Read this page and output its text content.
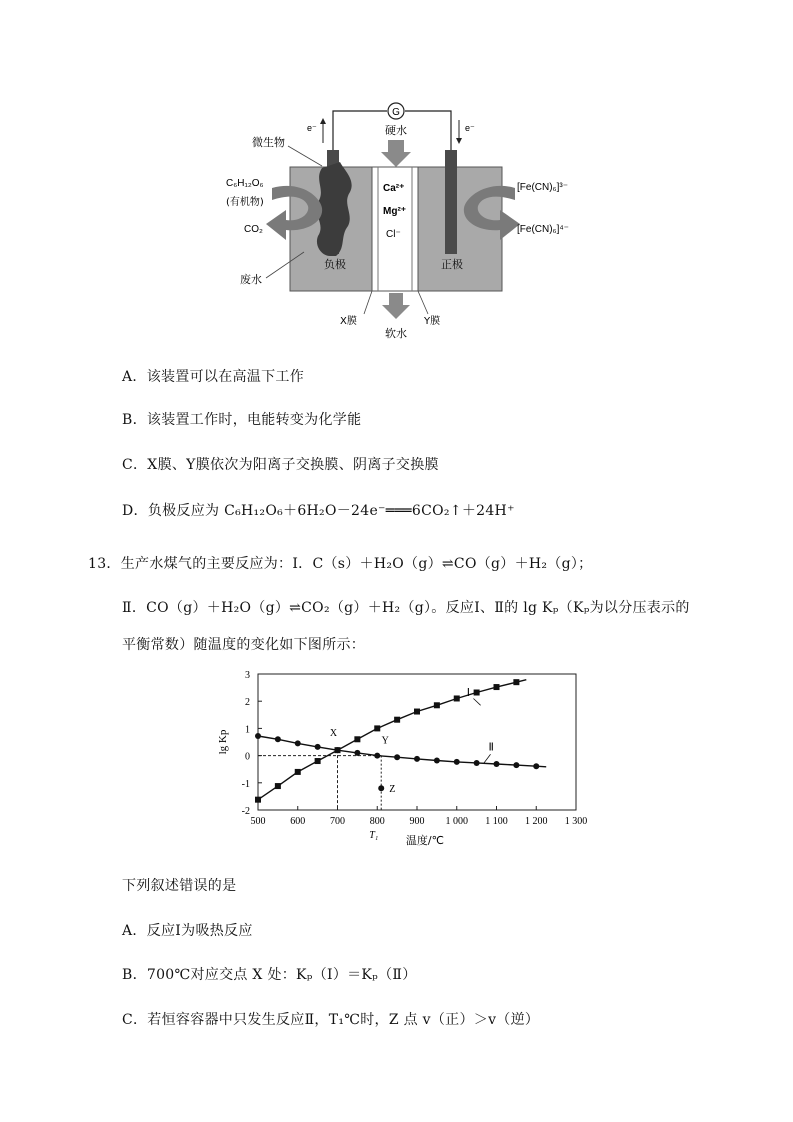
G
e⁻	e⁻
硬水
软水
微生物
C₆H₁₂O₆
(有机物)
CO₂
废水
负极	正极
Ca²⁺
Mg²⁺
Cl⁻
[Fe(CN)₆]³⁻
[Fe(CN)₆]⁴⁻
X膜	Y膜
A．该装置可以在高温下工作
B．该装置工作时，电能转变为化学能
C．X膜、Y膜依次为阳离子交换膜、阴离子交换膜
D．负极反应为 C₆H₁₂O₆＋6H₂O－24e⁻═══6CO₂↑＋24H⁺
13．生产水煤气的主要反应为：Ⅰ．C（s）＋H₂O（g）⇌CO（g）＋H₂（g）；
Ⅱ．CO（g）＋H₂O（g）⇌CO₂（g）＋H₂（g）。反应Ⅰ、Ⅱ的 lg Kₚ（Kₚ为以分压表示的
平衡常数）随温度的变化如下图所示：
500 600 700 800 900 1 000 1 100 1 200 1 300
-2
-1
0
1
2
3
lg Kp
温度/℃
Ⅰ
Ⅱ
X
Y
Z
T₁
下列叙述错误的是
A．反应Ⅰ为吸热反应
B．700℃对应交点 X 处：Kₚ（Ⅰ）＝Kₚ（Ⅱ）
C．若恒容容器中只发生反应Ⅱ，T₁℃时，Z 点 v（正）＞v（逆）
